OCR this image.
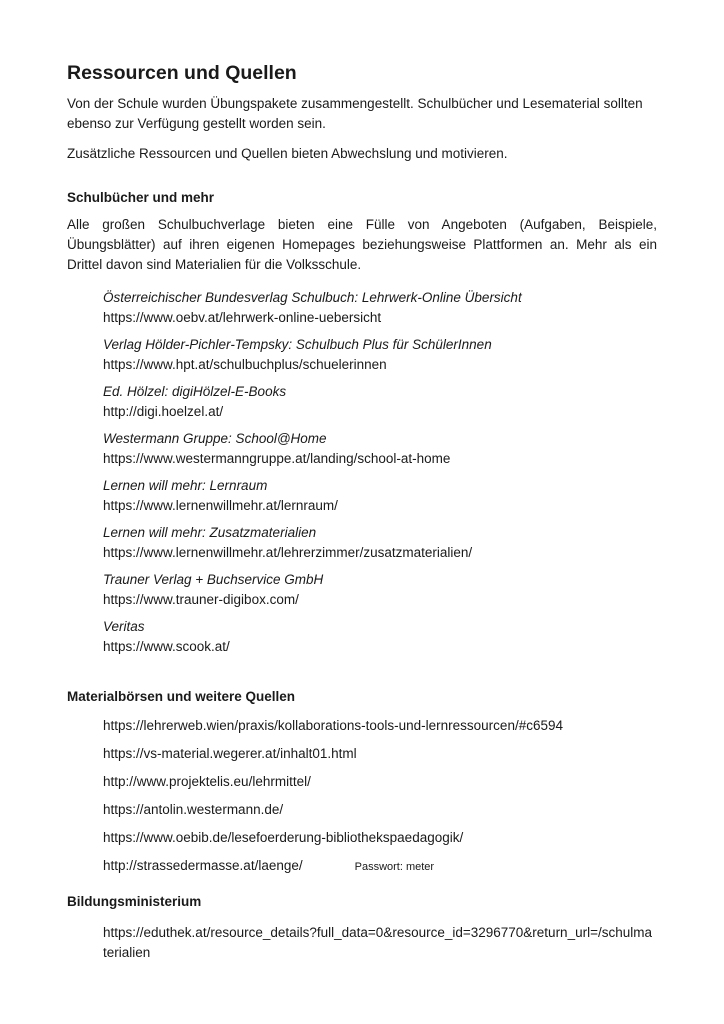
Ressourcen und Quellen

Von der Schule wurden Übungspakete zusammengestellt. Schulbücher und Lesematerial sollten ebenso zur Verfügung gestellt worden sein.

Zusätzliche Ressourcen und Quellen bieten Abwechslung und motivieren.

Schulbücher und mehr

Alle großen Schulbuchverlage bieten eine Fülle von Angeboten (Aufgaben, Beispiele, Übungsblätter) auf ihren eigenen Homepages beziehungsweise Plattformen an. Mehr als ein Drittel davon sind Materialien für die Volksschule.

Österreichischer Bundesverlag Schulbuch: Lehrwerk-Online Übersicht
https://www.oebv.at/lehrwerk-online-uebersicht
Verlag Hölder-Pichler-Tempsky: Schulbuch Plus für SchülerInnen
https://www.hpt.at/schulbuchplus/schuelerinnen
Ed. Hölzel: digiHölzel-E-Books
http://digi.hoelzel.at/
Westermann Gruppe: School@Home
https://www.westermanngruppe.at/landing/school-at-home
Lernen will mehr: Lernraum
https://www.lernenwillmehr.at/lernraum/
Lernen will mehr: Zusatzmaterialien
https://www.lernenwillmehr.at/lehrerzimmer/zusatzmaterialien/
Trauner Verlag + Buchservice GmbH
https://www.trauner-digibox.com/
Veritas
https://www.scook.at/
Materialbörsen und weitere Quellen
https://lehrerweb.wien/praxis/kollaborations-tools-und-lernressourcen/#c6594
https://vs-material.wegerer.at/inhalt01.html
http://www.projektelis.eu/lehrmittel/
https://antolin.westermann.de/
https://www.oebib.de/lesefoerderung-bibliothekspaedagogik/
http://strassedermasse.at/laenge/	Passwort: meter
Bildungsministerium

https://eduthek.at/resource_details?full_data=0&resource_id=3296770&return_url=/schulmaterialien
